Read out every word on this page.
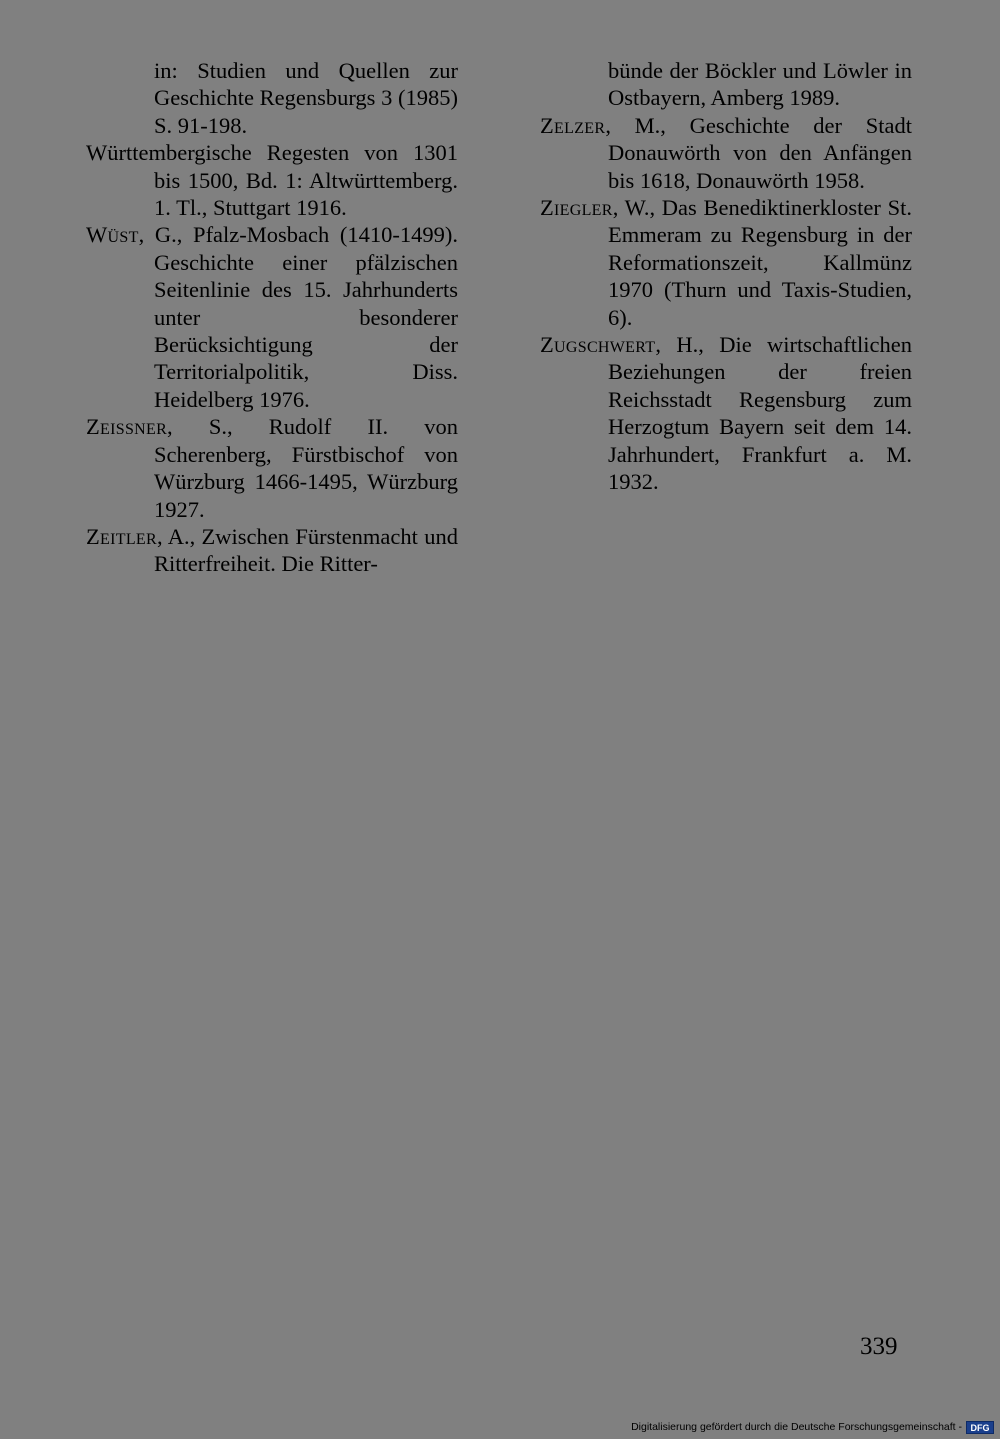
in: Studien und Quellen zur Geschichte Regensburgs 3 (1985) S. 91-198.
Württembergische Regesten von 1301 bis 1500, Bd. 1: Altwürttemberg. 1. Tl., Stuttgart 1916.
Wüst, G., Pfalz-Mosbach (1410-1499). Geschichte einer pfälzischen Seitenlinie des 15. Jahrhunderts unter besonderer Berücksichtigung der Territorialpolitik, Diss. Heidelberg 1976.
Zeissner, S., Rudolf II. von Scherenberg, Fürstbischof von Würzburg 1466-1495, Würzburg 1927.
Zeitler, A., Zwischen Fürstenmacht und Ritterfreiheit. Die Ritter-
bünde der Böckler und Löwler in Ostbayern, Amberg 1989.
Zelzer, M., Geschichte der Stadt Donauwörth von den Anfängen bis 1618, Donauwörth 1958.
Ziegler, W., Das Benediktinerkloster St. Emmeram zu Regensburg in der Reformationszeit, Kallmünz 1970 (Thurn und Taxis-Studien, 6).
Zugschwert, H., Die wirtschaftlichen Beziehungen der freien Reichsstadt Regensburg zum Herzogtum Bayern seit dem 14. Jahrhundert, Frankfurt a. M. 1932.
339
Digitalisierung gefördert durch die Deutsche Forschungsgemeinschaft - DFG
